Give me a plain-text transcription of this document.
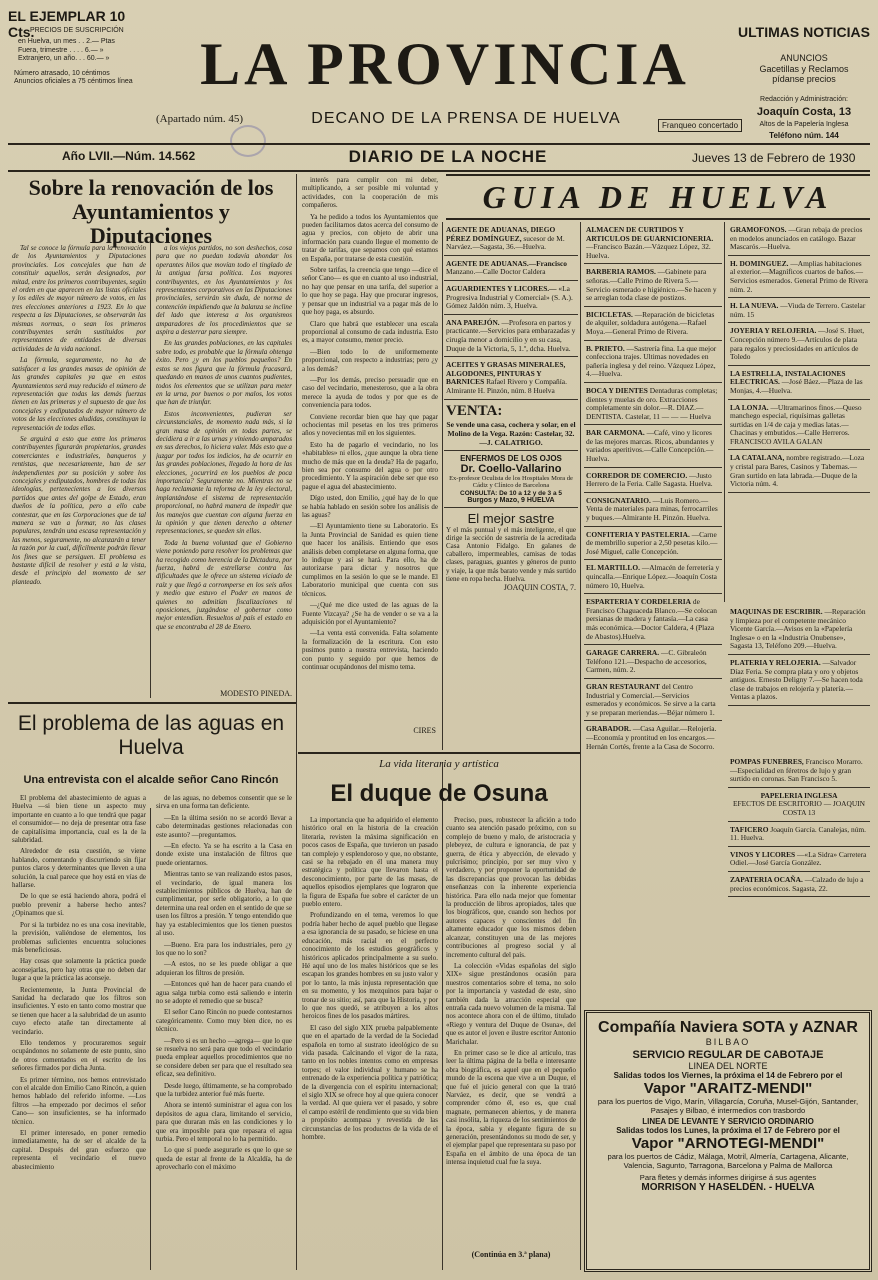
EL EJEMPLAR 10 Cts.
PRECIOS DE SUSCRIPCIÓN
en Huelva, un mes . . 2.— Ptas
Fuera, trimestre . . . . 6.— »
Extranjero, un año. . . 60.— »
Número atrasado, 10 céntimos
Anuncios oficiales a 75 céntimos línea	LA PROVINCIA
(Apartado núm. 45)	DECANO DE LA PRENSA DE HUELVA
ULTIMAS NOTICIAS
ANUNCIOS
Gacetillas y Reclamos
pídanse precios
Redacción y Administración:
Joaquín Costa, 13
Altos de la Papelería Inglesa
Teléfono núm. 144
Franqueo concertado
Año LVII.—Núm. 14.562	DIARIO DE LA NOCHE	Jueves 13 de Febrero de 1930
Sobre la renovación de los Ayuntamientos y Diputaciones

Tal se conoce la fórmula para la renovación de los Ayuntamientos y Diputaciones provinciales. Los concejales que han de constituir aquellos, serán designados, por mitad, entre los primeros contribuyentes, según el orden en que aparecen en las listas oficiales y los ediles de mayor número de votos, en las tres elecciones anteriores a 1923. En lo que respecta a las Diputaciones, se observarán las mismas normas, o sean los primeros contribuyentes serán sustituidos por representantes de entidades de diversas actividades de la vida nacional.

La fórmula, seguramente, no ha de satisfacer a las grandes masas de opinión de las grandes capitales ya que en estos Ayuntamientos será muy reducido el número de representación que todas las demás fuerzas tienen en las primeras y el supuesto de que los concejales y exdiputados de mayor número de votos de las elecciones aludidas, constituyan la representación de todas ellas.

Se arguirá a esto que entre los primeros contribuyentes figurarán propietarios, grandes comerciantes e industriales, banqueros y rentistas, que necesariamente, han de ser independientes por su posición y sobre los concejales y exdiputados, hombres de todas las ideologías, pertenecientes a los diversos partidos que antes del golpe de Estado, eran dueños de la política, pero a ello cabe contestar, que en las Corporaciones que de tal manera se van a formar, no las clases populares, tendrán una escasa representación y las menos, seguramente, no alcanzarán a tener la razón por la cual, difícilmente podrán llevar los fines que se persiguen. El problema es bastante difícil de resolver y está a la vista, desde el principio del momento de ser planteado.

a los viejos partidos, no son deshechos, cosa para que no puedan todavía ahondar los operantes hilos que movían todo el tinglado de la antigua farsa política. Los mayores contribuyentes, en los Ayuntamientos y los representantes corporativos en las Diputaciones provinciales, servirán sin duda, de norma de contención impidiendo que la balanza se incline del lado que interesa a los organismos amparadores de los procedimientos que se aspira a desterrar para siempre.

En las grandes poblaciones, en las capitales sobre todo, es probable que la fórmula obtenga éxito. Pero ¿y en los pueblos pequeños? En estos se nos figura que la fórmula fracasará, quedando en manos de unos cuantos pudientes, todos los elementos que se utilizan para meter en la urna, por buenos o por malos, los votos que han de triunfar.

Estos inconvenientes, pudieran ser circunstanciales, de momento nada más, si la gran masa de opinión en todas partes, se decidiera a ir a las urnas y viniendo amparados en sus derechos, lo hiciera valer. Más esto que a juzgar por todos los indicios, ha de ocurrir en las grandes poblaciones, llegado la hora de las elecciones, ¿ocurrirá en los pueblos de poca importancia? Seguramente no. Mientras no se haga reclamante la reforma de la ley electoral, implantándose el sistema de representación proporcional, no habrá manera de impedir que los manejos que cuentan con alguna fuerza en la opinión y que tienen derecho a obtener representaciones, se queden sin ellas.

Toda la buena voluntad que el Gobierno viene poniendo para resolver los problemas que ha recogido como herencia de la Dictadura, por fuerza, habrá de estrellarse contra las dificultades que le ofrece un sistema viciado de raíz y que llegó a corromperse en los seis años y medio que estuvo el Poder en manos de quienes no admitían fiscalizaciones ni oposiciones, juzgándose el gobernar como mejor entendían. Resueltos al país el estado en que se encontraba el 28 de Enero.

MODESTO PINEDA.
El problema de las aguas en Huelva
Una entrevista con el alcalde señor Cano Rincón

El problema del abastecimiento de aguas a Huelva —si bien tiene un aspecto muy importante en cuanto a lo que tendrá que pagar el consumidor— no deja de presentar otra fase de capitalísima importancia, cual es la de la salubridad.

Alrededor de esta cuestión, se viene hablando, comentando y discurriendo sin fijar puntos claros y determinantes que lleven a una solución, la cual parece que hoy está en vías de hallarse.

De lo que se está haciendo ahora, podrá el pueblo prevenir a haberse hecho antes? ¿Opinamos que sí.

Por si la turbidez no es una cosa inevitable, la previsión, valiéndose de elementos, los problemas suficientes encuentra soluciones más beneficiosas.

Hay cosas que solamente la práctica puede aconsejarlas, pero hay otras que no deben dar lugar a que la práctica las aconseje.

Recientemente, la Junta Provincial de Sanidad ha declarado que los filtros son insuficientes. Y esto en tanto como mostrar que se tienen que hacer a la salubridad de un asunto cuyo efecto atañe tan directamente al vecindario.

Ello tendemos y procuraremos seguir ocupándonos no solamente de este punto, sino de otros comentados en el escrito de los señores firmados por dicha Junta.

Es primer término, nos hemos entrevistado con el alcalde don Emilio Cano Rincón, a quien hemos hablado del referido informe. —Los filtros —ha empezado por decirnos el señor Cano— son insuficientes, se ha informado técnico.

El primer interesado, en poner remedio inmediatamente, ha de ser el alcalde de la capital. Después del gran esfuerzo que representa el vecindario el nuevo abastecimiento

de las aguas, no debemos consentir que se le sirva en una forma tan deficiente.

—En la última sesión no se acordó llevar a cabo determinadas gestiones relacionadas con este asunto? —preguntamos.

—En efecto. Ya se ha escrito a la Casa en donde existe una instalación de filtros que puede orientarnos.

Mientras tanto se van realizando estos pasos, el vecindario, de igual manera los establecimientos públicos de Huelva, han de cumplimentar, por serle obligatorio, a lo que determina una real orden en el sentido de que se usen los filtros a presión. Y tengo entendido que hay ya establecimientos que los tienen puestos al uso.

—Bueno. Era para los industriales, pero ¿y los que no lo son?

—A estos, no se les puede obligar a que adquieran los filtros de presión.

—Entonces qué han de hacer para cuando el agua salga turbia como está saliendo e interin no se adopte el remedio que se busca?

El señor Cano Rincón no puede contestarnos categóricamente. Como muy bien dice, no es técnico.

—Pero si es un hecho —agrega— que lo que se resuelva no será para que todo el vecindario pueda emplear aquellos procedimientos que no se considere deben ser para que el resultado sea eficaz, sea definitivo.

Desde luego, últimamente, se ha comprobado que la turbidez anterior fué más fuerte.

Ahora se intentó suministrar el agua con los depósitos de agua clara, limitando el servicio, para que duraran más en las condiciones y lo que era imposible para que repasara el agua turbia. Pero el temporal no lo ha permitido.

Lo que sí puede asegurarle es que lo que se queda de estar al frente de la Alcaldía, ha de aprovecharlo con el máximo

interés para cumplir con mi deber, multiplicando, a ser posible mi voluntad y actividades, con la cooperación de mis compañeros.

Ya he pedido a todos los Ayuntamientos que pueden facilitarnos datos acerca del consumo de agua y precios, con objeto de abrir una información para cuando llegue el momento de tratar de tarifas, que sepamos con qué estamos en España, por tratarse de esta cuestión.

Sobre tarifas, la creencia que tengo —dice el señor Cano— es que en cuanto al uso industrial, no hay que pensar en una tarifa, del superior a lo que hoy se paga. Hay que procurar ingresos, y pensar que un industrial va a pagar más de lo que hoy paga, es absurdo.

Claro que habrá que establecer una escala proporcional al consumo de cada industria. Esto es, a mayor consumo, menor precio.

—Bien todo lo de uniformemente proporcional, con respecto a industrias; pero ¿y a los demás?

—Por los demás, preciso persuadir que en caso del vecindario, menesteroso, que a la obra merece la ayuda de todos y por que es de conveniencia para todos.

Conviene recordar bien que hay que pagar ochocientas mil pesetas en los tres primeros años y novecientas mil en los siguientes.

Esto ha de pagarlo el vecindario, no los «habitables» ni ellos, ¿que aunque la obra tiene mucho de más que en la deuda? Ha de pagarlo, bien sea por consumo del agua o por otro procedimiento. Y la aspiración debe ser que eso pague el agua del abastecimiento.

Dígo usted, don Emilio, ¿qué hay de lo que se había hablado en sesión sobre los análisis de las aguas?

—El Ayuntamiento tiene su Laboratorio. Es la Junta Provincial de Sanidad es quien tiene que hacer los análisis. Entiendo que esos análisis deben completarse en alguna forma, que lo indique y así se hará. Para ello, ha de autorizarse para dictar y nosotros que cumplimos en la sesión lo que se le mande. El Laboratorio municipal que cuenta con sus técnicos.

—¿Qué me dice usted de las aguas de la Fuente Vizcaya? ¿Se ha de vender o se va a la adquisición por el Ayuntamiento?

—La venta está convenida. Falta solamente la formalización de la escritura. Con esto pusimos punto a nuestra entrevista, haciendo con punto y seguido por que hemos de continuar ocupándonos del mismo tema.

CIRES
GUIA DE HUELVA
AGENTE DE ADUANAS, DIEGO PÉREZ DOMÍNGUEZ, sucesor de M. Narváez.—Sagasta, 36.—Huelva.
AGENTE DE ADUANAS.—Francisco Manzano.—Calle Doctor Caldera
AGUARDIENTES Y LICORES.— «La Progresiva Industrial y Comercial» (S. A.). Gómez Jaldón núm. 3, Huelva.
ANA PAREJÓN. —Profesora en partos y practicante.—Servicios para embarazadas y cirugía menor a domicilio y en su casa, Duque de la Victoria, 5, 1.º, dcha. Huelva.
ACEITES Y GRASAS MINERALES, ALGODONES, PINTURAS Y BARNICES Rafael Rivero y Compañía. Almirante H. Pinzón, núm. 8 Huelva
VENTA:
Se vende una casa, cochera y solar, en el Molino de la Vega. Razón: Castelar, 32.—J. CALATRIGO.
ENFERMOS DE LOS OJOS
Dr. Coello-Vallarino
Ex-profesor Oculista de los Hospitales Mora de Cádiz y Clínico de Barcelona
CONSULTA: De 10 a 12 y de 3 a 5
Burgos y Mazo, 9 HUELVA
El mejor sastre
Y el más puntual y el más inteligente, el que dirige la sección de sastrería de la acreditada Casa Antonio Fidalgo. En galanes de caballero, impermeables, camisas de todas clases, paraguas, guantes y géneros de punto y viaje, la que más barato vende y más surtido tiene en ropa hecha. Huelva.
JOAQUIN COSTA, 7.
ALMACEN DE CURTIDOS Y ARTICULOS DE GUARNICIONERIA. —Francisco Bazán.—Vázquez López, 32. Huelva.
BARBERIA RAMOS. —Gabinete para señoras.—Calle Primo de Rivera 5.—Servicio esmerado e higiénico.—Se hacen y se arreglan toda clase de postizos.
BICICLETAS. —Reparación de bicicletas de alquiler, soldadura autógena.—Rafael Moya.—General Primo de Rivera.
B. PRIETO. —Sastrería fina. La que mejor confecciona trajes. Ultimas novedades en pañería inglesa y del reino. Vázquez López, 4.—Huelva.
BOCA Y DIENTES Dentaduras completas; dientes y muelas de oro. Extracciones completamente sin dolor.—R. DIAZ.—DENTISTA. Castelar, 11 — — — Huelva
BAR CARMONA. —Café, vino y licores de las mejores marcas. Ricos, abundantes y variados aperitivos.—Calle Concepción.—Huelva.
CORREDOR DE COMERCIO. —Justo Herrero de la Feria. Calle Sagasta. Huelva.
CONSIGNATARIO. —Luis Romero.—Venta de materiales para minas, ferrocarriles y buques.—Almirante H. Pinzón. Huelva.
CONFITERIA Y PASTELERIA. —Carne de membrillo superior a 2,50 pesetas kilo.—José Miguel, calle Concepción.
EL MARTILLO. —Almacén de ferretería y quincalla.—Enrique López.—Joaquín Costa número 10, Huelva.
ESPARTERIA Y CORDELERIA de Francisco Chaguaceda Blanco.—Se colocan persianas de madera y fantasía.—La casa más económica.—Doctor Caldera, 4 (Plaza de Abastos).Huelva.
GARAGE CARRERA. —C. Gibraleón Teléfono 121.—Despacho de accesorios, Carmen, núm. 2.
GRAN RESTAURANT del Centro Industrial y Comercial.—Servicios esmerados y económicos. Se sirve a la carta y se preparan meriendas.—Béjar número 1.
GRABADOR. —Casa Aguilar.—Relojería.—Economía y prontitud en los encargos.—Hernán Cortés, frente a la Casa de Socorro.
GRAMOFONOS. —Gran rebaja de precios en modelos anunciados en catálogo. Bazar Mascarós.—Huelva.
H. DOMINGUEZ. —Amplias habitaciones al exterior.—Magníficos cuartos de baños.—Servicios esmerados. General Primo de Rivera núm. 2.
H. LA NUEVA. —Viuda de Terrero. Castelar núm. 15
JOYERIA Y RELOJERIA. —José S. Huet, Concepción número 9.—Artículos de plata para regalos y preciosidades en artículos de Toledo
LA ESTRELLA, INSTALACIONES ELECTRICAS. —José Báez.—Plaza de las Monjas, 4.—Huelva.
LA LONJA. —Ultramarinos finos.—Queso manchego especial, riquísimas galletas surtidas en 1/4 de caja y medias latas.—Chacinas y embutidos.—Calle Herreros. FRANCISCO AVILA GALAN
LA CATALANA, nombre registrado.—Loza y cristal para Bares, Casinos y Tabernas.—Gran surtido en lata labrada.—Duque de la Victoria núm. 4.
MAQUINAS DE ESCRIBIR. —Reparación y limpieza por el competente mecánico Vicente García.—Avisos en la «Papelería Inglesa» o en la «Industria Onubense», Sagasta 13, Teléfono 209.—Huelva.
PLATERIA Y RELOJERIA. —Salvador Díaz Feria. Se compra plata y oro y objetos antiguos. Ernesto Deligny 7.—Se hacen toda clase de trabajos en relojería y platería.—Ventas a plazos.
POMPAS FUNEBRES, Francisco Morarro.—Especialidad en féretros de lujo y gran surtido en coronas. San Francisco 5.
PAPELERIA INGLESA
EFECTOS DE ESCRITORIO — JOAQUIN COSTA 13
TAFICERO Joaquín García. Canalejas, núm. 11. Huelva.
VINOS Y LICORES —«La Sidra» Carretera Odiel.—José García González.
ZAPATERIA OCAÑA. —Calzado de lujo a precios económicos. Sagasta, 22.
La vida literaria y artística
El duque de Osuna

La importancia que ha adquirido el elemento histórico oral en la historia de la creación literaria, revisten la máxima significación en pocos casos de España, que tuvieron un pasado tan complejo y esplendoroso y que, no obstante, casi se ha rebajado en él una manera muy estratégica y política que llevaron hasta el desconocimiento, por parte de las masas, de aquellos episodios ejemplares que lograron que la figura de España fue sobre el carácter de un pueblo entero.

Profundizando en el tema, veremos lo que podría haber hecho de aquel pueblo que llegase a esa ignorancia de su pasado, se hiciese en una educación, más racial en el perfecto conocimiento de los estudios geográficos y históricos aplicados principalmente a su suelo. Hé aquí uno de los males históricos que se les escapan los grandes hombres en su justo valor y por lo tanto, la más injusta representación que en su momento, y los mezquinos para bajar o tronar de su sitio; así, para que la Historia, y por lo que nos quedó, se atribuyen a los altos heroicos fines de los pasados mártires.

El caso del siglo XIX prueba palpablemente que en el apartado de la verdad de la Sociedad española en torno al sustrato ideológico de su vida pasada. Calcinando el vigor de la raza, tanto en los nobles intentos como en empresas torpes; el valor individual y humano se ha entrenado de la experiencia política y patriótica; de la divergencia con el espíritu internacional; el siglo XIX se ofrece hoy al que quiera conocer la verdad. Al que quiera ver el pasado, y sobre el campo estéril de rendimiento que su vida bien a propósito acompasa y revestida de las circunstancias de los productos de la vida de el hombre.

Preciso, pues, robustecer la afición a todo cuanto sea atención pasado próximo, con su complejo de bueno y malo, de aristocracia y plebeyez, de cultura e ignorancia, de paz y guerra, de ética y abyección, de elevado y pulcrísimo; principio, por ser muy vivo y verdadero, y por proponer la oportunidad de las discrepancias que provocan las debidas enseñanzas con la inherente experiencia histórica. Para ello nada mejor que fomentar la producción de libros apropiados, tales que los biográficos, que, cuando son hechos por autores capaces y conscientes del fin altamente educador que los mismos deben alcanzar, constituyen una de las mejores contribuciones al progreso social y al incremento cultural del país.

La colección «Vidas españolas del siglo XIX» sigue prestándonos ocasión para nuestros comentarios sobre el tema, no solo por la importancia y vastedad de este, sino también dada la atracción especial que entraña cada nuevo volumen de la misma. Tal nos acontece ahora con el de último, titulado «Riego y ventura del Duque de Osuna», del que es autor el joven e ilustre escritor Antonio Marichalar.

En primer caso se le dice al artículo, tras leer la última página de la bella e interesante obra biográfica, es aquel que en el pequeño mundo de la escena que vive a un Duque, el que fué el juicio general con que la trató Narváez, es decir, que se vendrá a comprender cómo él, eso es, que cual magnate, permanecen abiertos, y de manera casi insólita, la riqueza de los sentimientos de la época, sabia y elegante figura de su generación, presentándonos su modo de ser, y el ejemplar papel que representara su paso por España en el ámbito de una época de tan intensa inquietud cual fue la suya.

(Continúa en 3.ª plana)
Compañía Naviera SOTA y AZNAR
BILBAO
SERVICIO REGULAR DE CABOTAJE
LINEA DEL NORTE
Salidas todos los Viernes, la próxima el 14 de Febrero por el
Vapor "ARAITZ-MENDI"
para los puertos de Vigo, Marín, Villagarcía, Coruña, Musel-Gijón, Santander, Pasajes y Bilbao, é intermedios con trasbordo
LINEA DE LEVANTE Y SERVICIO ORDINARIO
Salidas todos los Lunes, la próxima el 17 de Febrero por el
Vapor "ARNOTEGI-MENDI"
para los puertos de Cádiz, Málaga, Motril, Almería, Cartagena, Alicante, Valencia, Sagunto, Tarragona, Barcelona y Palma de Mallorca
Para fletes y demás informes dirigirse á sus agentes
MORRISON Y HASELDEN. - HUELVA
